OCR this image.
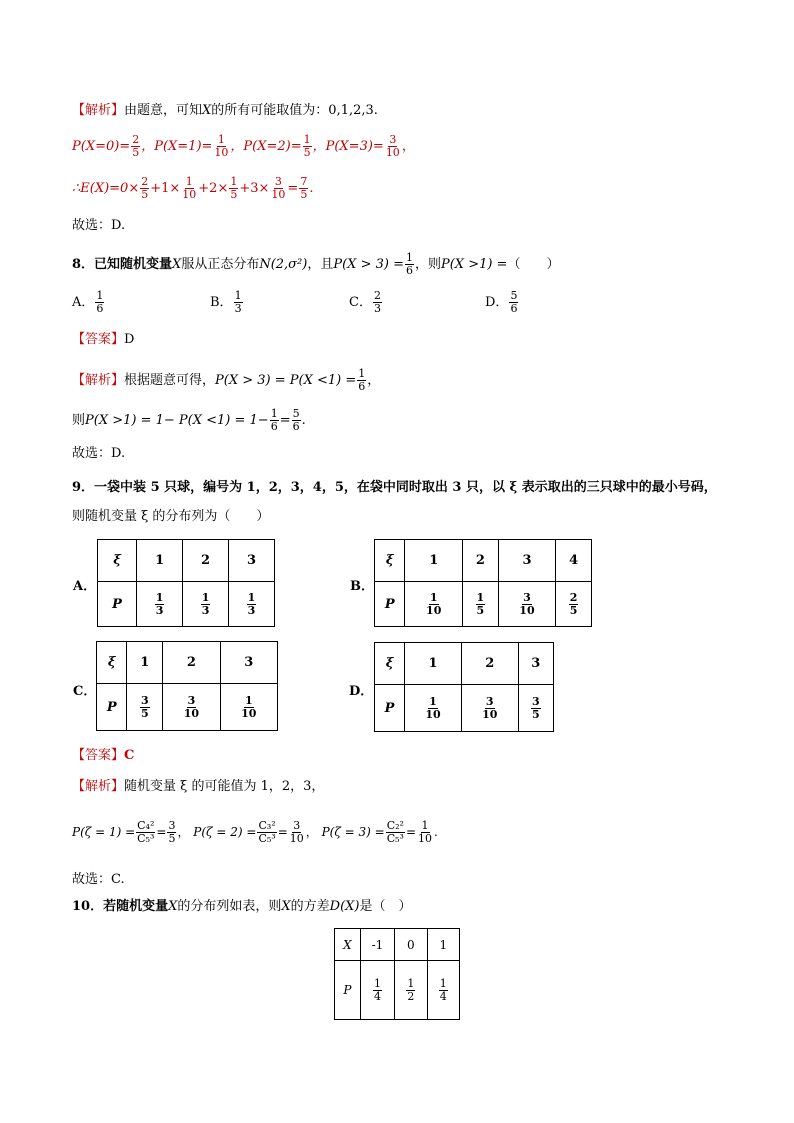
【解析】由题意，可知X的所有可能取值为：0,1,2,3.
$P(X=0)= \frac{2}{5}$ ，$P(X=1)= \frac{1}{10}$ ，$P(X=2)= \frac{1}{5}$ ，$P(X=3)= \frac{3}{10}$ ，
∴E(X)=0× $\frac{2}{5} +1\times \frac{1}{10} +2\times \frac{1}{5} +3\times \frac{3}{10} = \frac{7}{5}$ .
故选：D.
8．已知随机变量X服从正态分布N(2,σ²)，且$P(X > 3) = \frac{1}{6}$ ，则P(X >1) =（　　）
A． $\frac{1}{6}$	B． $\frac{1}{3}$	C． $\frac{2}{3}$	D． $\frac{5}{6}$
【答案】D
【解析】根据题意可得，$P(X > 3) = P(X <1) = \frac{1}{6}$ ，
则$P(X >1) = 1- P(X <1) = 1- \frac{1}{6} = \frac{5}{6}$ .
故选：D.
9．一袋中装 5 只球，编号为 1，2，3，4，5，在袋中同时取出 3 只，以 ξ 表示取出的三只球中的最小号码，
则随机变量 ξ 的分布列为（　　）
A．
ξ	1	2	3
P	$\frac{1}{3}$	$\frac{1}{3}$	$\frac{1}{3}$
B．
ξ	1	2	3	4
P	$\frac{1}{10}$	$\frac{1}{5}$	$\frac{3}{10}$	$\frac{2}{5}$
C．
ξ	1	2	3
P	$\frac{3}{5}$	$\frac{3}{10}$	$\frac{1}{10}$
D．
ξ	1	2	3
P	$\frac{1}{10}$	$\frac{3}{10}$	$\frac{3}{5}$
【答案】C
【解析】随机变量 ξ 的可能值为 1，2，3，
$P(\zeta = 1) = \frac{\text{C₄²}}{\text{C₅³}} = \frac{3}{5}$ ， $P(\zeta = 2) = \frac{\text{C₃²}}{\text{C₅³}} = \frac{3}{10}$ ， $P(\zeta = 3) = \frac{\text{C₂²}}{\text{C₅³}} = \frac{1}{10}$ .
故选：C.
10．若随机变量X的分布列如表，则X的方差D(X)是（　）
X	-1	0	1
P	$\frac{1}{4}$	$\frac{1}{2}$	$\frac{1}{4}$
